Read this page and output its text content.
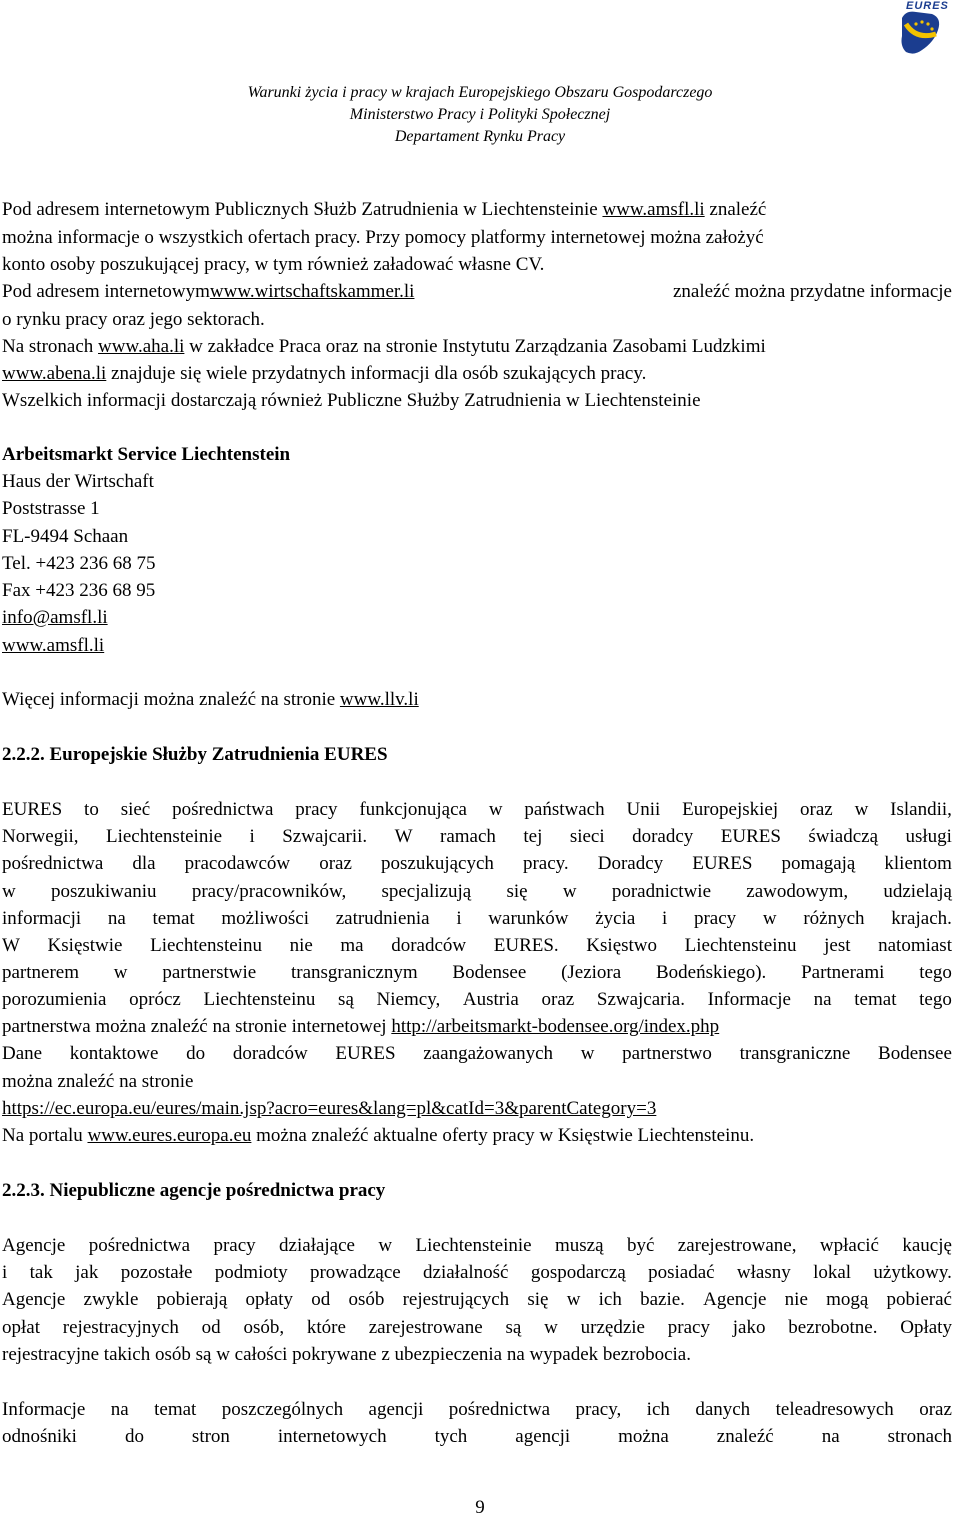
EURES
Warunki życia i pracy w krajach Europejskiego Obszaru Gospodarczego
Ministerstwo Pracy i Polityki Społecznej
Departament Rynku Pracy
Pod adresem internetowym Publicznych Służb Zatrudnienia w Liechtensteinie www.amsfl.li znaleźć
można informacje o wszystkich ofertach pracy. Przy pomocy platformy internetowej można założyć
konto osoby poszukującej pracy, w tym również załadować własne CV.
Pod adresem internetowym www.wirtschaftskammer.li	znaleźć można przydatne informacje
o rynku pracy oraz jego sektorach.
Na stronach www.aha.li w zakładce Praca oraz na stronie Instytutu Zarządzania Zasobami Ludzkimi
www.abena.li znajduje się wiele przydatnych informacji dla osób szukających pracy.
Wszelkich informacji dostarczają również Publiczne Służby Zatrudnienia w Liechtensteinie
Arbeitsmarkt Service Liechtenstein
Haus der Wirtschaft
Poststrasse 1
FL-9494 Schaan
Tel. +423 236 68 75
Fax +423 236 68 95
info@amsfl.li
www.amsfl.li
Więcej informacji można znaleźć na stronie www.llv.li
2.2.2. Europejskie Służby Zatrudnienia EURES
EURES to sieć pośrednictwa pracy funkcjonująca w państwach Unii Europejskiej oraz w Islandii,
Norwegii, Liechtensteinie i Szwajcarii. W ramach tej sieci doradcy EURES świadczą usługi
pośrednictwa dla pracodawców oraz poszukujących pracy. Doradcy EURES pomagają klientom
w poszukiwaniu pracy/pracowników, specjalizują się w poradnictwie zawodowym, udzielają
informacji na temat możliwości zatrudnienia i warunków życia i pracy w różnych krajach.
W Księstwie Liechtensteinu nie ma doradców EURES. Księstwo Liechtensteinu jest natomiast
partnerem w partnerstwie transgranicznym Bodensee (Jeziora Bodeńskiego). Partnerami tego
porozumienia oprócz Liechtensteinu są Niemcy, Austria oraz Szwajcaria. Informacje na temat tego
partnerstwa można znaleźć na stronie internetowej http://arbeitsmarkt-bodensee.org/index.php
Dane kontaktowe do doradców EURES zaangażowanych w partnerstwo transgraniczne Bodensee
można znaleźć na stronie
https://ec.europa.eu/eures/main.jsp?acro=eures&lang=pl&catId=3&parentCategory=3
Na portalu www.eures.europa.eu można znaleźć aktualne oferty pracy w Księstwie Liechtensteinu.
2.2.3. Niepubliczne agencje pośrednictwa pracy
Agencje pośrednictwa pracy działające w Liechtensteinie muszą być zarejestrowane, wpłacić kaucję
i tak jak pozostałe podmioty prowadzące działalność gospodarczą posiadać własny lokal użytkowy.
Agencje zwykle pobierają opłaty od osób rejestrujących się w ich bazie. Agencje nie mogą pobierać
opłat rejestracyjnych od osób, które zarejestrowane są w urzędzie pracy jako bezrobotne. Opłaty
rejestracyjne takich osób są w całości pokrywane z ubezpieczenia na wypadek bezrobocia.
Informacje na temat poszczególnych agencji pośrednictwa pracy, ich danych teleadresowych oraz
odnośniki	do	stron	internetowych	tych	agencji	można	znaleźć	na	stronach
9
